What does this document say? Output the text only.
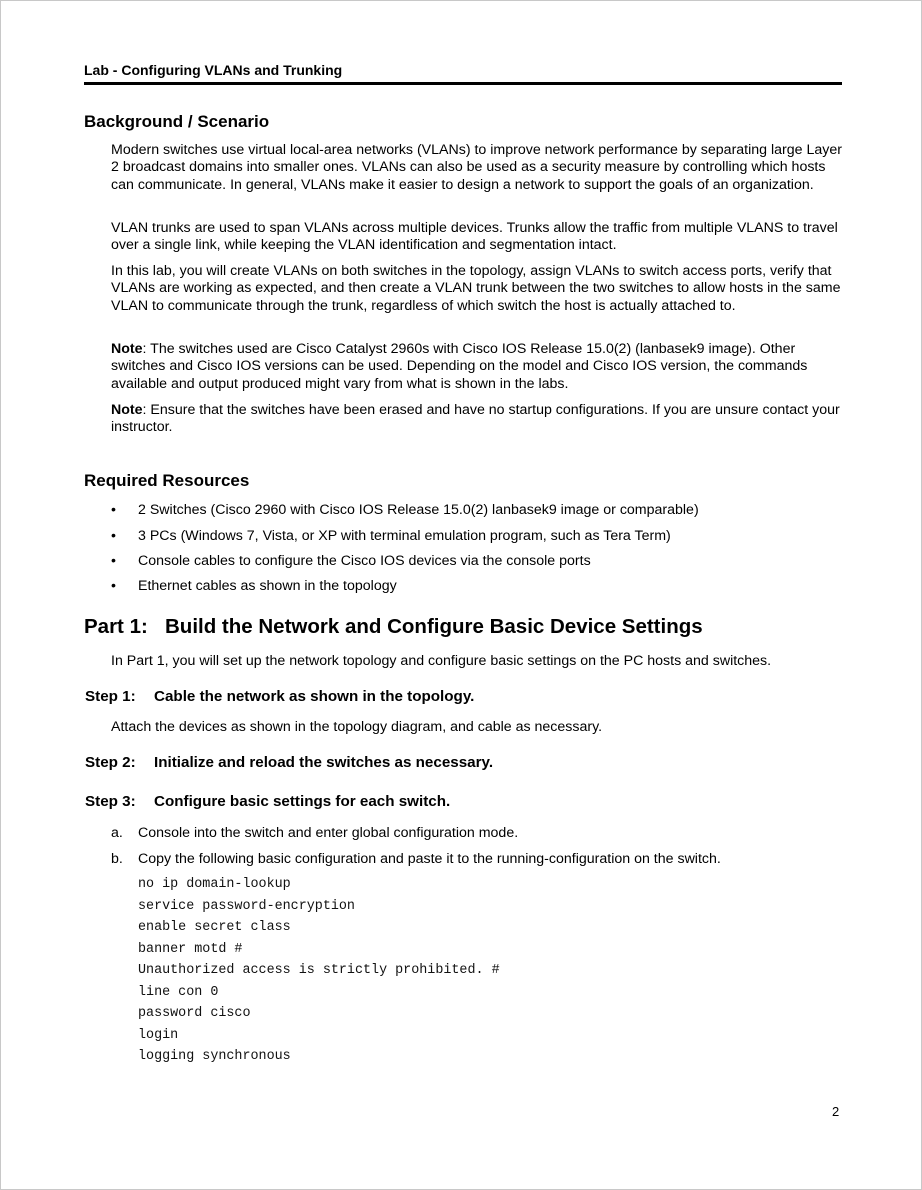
Lab - Configuring VLANs and Trunking
Background / Scenario
Modern switches use virtual local-area networks (VLANs) to improve network performance by separating large Layer 2 broadcast domains into smaller ones. VLANs can also be used as a security measure by controlling which hosts can communicate. In general, VLANs make it easier to design a network to support the goals of an organization.
VLAN trunks are used to span VLANs across multiple devices. Trunks allow the traffic from multiple VLANS to travel over a single link, while keeping the VLAN identification and segmentation intact.
In this lab, you will create VLANs on both switches in the topology, assign VLANs to switch access ports, verify that VLANs are working as expected, and then create a VLAN trunk between the two switches to allow hosts in the same VLAN to communicate through the trunk, regardless of which switch the host is actually attached to.
Note: The switches used are Cisco Catalyst 2960s with Cisco IOS Release 15.0(2) (lanbasek9 image). Other switches and Cisco IOS versions can be used. Depending on the model and Cisco IOS version, the commands available and output produced might vary from what is shown in the labs.
Note: Ensure that the switches have been erased and have no startup configurations. If you are unsure contact your instructor.
Required Resources
• 2 Switches (Cisco 2960 with Cisco IOS Release 15.0(2) lanbasek9 image or comparable)
• 3 PCs (Windows 7, Vista, or XP with terminal emulation program, such as Tera Term)
• Console cables to configure the Cisco IOS devices via the console ports
• Ethernet cables as shown in the topology
Part 1: Build the Network and Configure Basic Device Settings
In Part 1, you will set up the network topology and configure basic settings on the PC hosts and switches.
Step 1: Cable the network as shown in the topology.
Attach the devices as shown in the topology diagram, and cable as necessary.
Step 2: Initialize and reload the switches as necessary.
Step 3: Configure basic settings for each switch.
a. Console into the switch and enter global configuration mode.
b. Copy the following basic configuration and paste it to the running-configuration on the switch.
no ip domain-lookup
service password-encryption
enable secret class
banner motd #
Unauthorized access is strictly prohibited. #
line con 0
password cisco
login
logging synchronous
2
